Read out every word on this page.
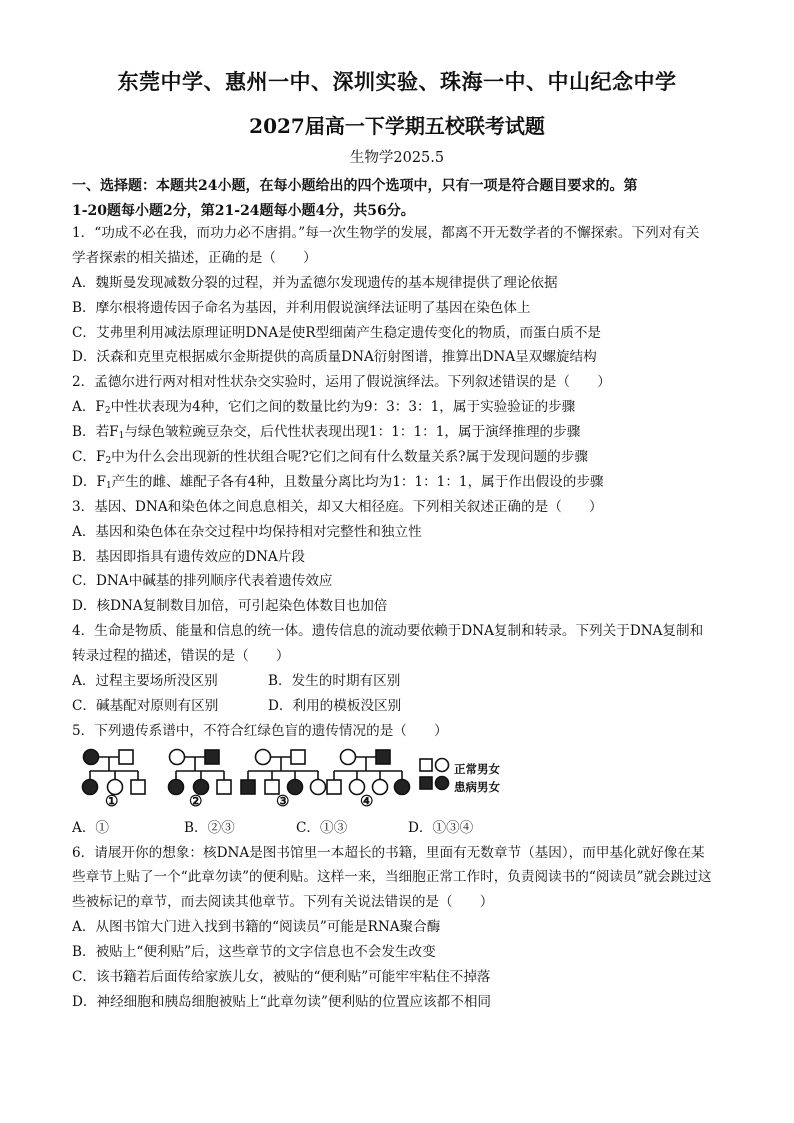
东莞中学、惠州一中、深圳实验、珠海一中、中山纪念中学
2027届高一下学期五校联考试题
生物学2025.5
一、选择题：本题共24小题，在每小题给出的四个选项中，只有一项是符合题目要求的。第
1-20题每小题2分，第21-24题每小题4分，共56分。
1．“功成不必在我，而功力必不唐捐。”每一次生物学的发展，都离不开无数学者的不懈探索。下列对有关
学者探索的相关描述，正确的是（　　）
A．魏斯曼发现减数分裂的过程，并为孟德尔发现遗传的基本规律提供了理论依据
B．摩尔根将遗传因子命名为基因，并利用假说演绎法证明了基因在染色体上
C．艾弗里利用减法原理证明DNA是使R型细菌产生稳定遗传变化的物质，而蛋白质不是
D．沃森和克里克根据威尔金斯提供的高质量DNA衍射图谱，推算出DNA呈双螺旋结构
2．孟德尔进行两对相对性状杂交实验时，运用了假说演绎法。下列叙述错误的是（　　）
A．$F_2$中性状表现为4种，它们之间的数量比约为9：3：3：1，属于实验验证的步骤
B．若$F_1$与绿色皱粒豌豆杂交，后代性状表现出现1：1：1：1，属于演绎推理的步骤
C．$F_2$中为什么会出现新的性状组合呢?它们之间有什么数量关系?属于发现问题的步骤
D．$F_1$产生的雌、雄配子各有4种，且数量分离比均为1：1：1：1，属于作出假设的步骤
3．基因、DNA和染色体之间息息相关，却又大相径庭。下列相关叙述正确的是（　　）
A．基因和染色体在杂交过程中均保持相对完整性和独立性
B．基因即指具有遗传效应的DNA片段
C．DNA中碱基的排列顺序代表着遗传效应
D．核DNA复制数目加倍，可引起染色体数目也加倍
4．生命是物质、能量和信息的统一体。遗传信息的流动要依赖于DNA复制和转录。下列关于DNA复制和
转录过程的描述，错误的是（　　）
A．过程主要场所没区别	B．发生的时期有区别
C．碱基配对原则有区别	D．利用的模板没区别
5．下列遗传系谱中，不符合红绿色盲的遗传情况的是（　　）
①	②	③	④
正常男女
患病男女
A．①	B．②③	C．①③	D．①③④
6．请展开你的想象：核DNA是图书馆里一本超长的书籍，里面有无数章节（基因），而甲基化就好像在某
些章节上贴了一个“此章勿读”的便利贴。这样一来，当细胞正常工作时，负责阅读书的“阅读员”就会跳过这
些被标记的章节，而去阅读其他章节。下列有关说法错误的是（　　）
A．从图书馆大门进入找到书籍的“阅读员”可能是RNA聚合酶
B．被贴上“便利贴”后，这些章节的文字信息也不会发生改变
C．该书籍若后面传给家族儿女，被贴的“便利贴”可能牢牢粘住不掉落
D．神经细胞和胰岛细胞被贴上“此章勿读”便利贴的位置应该都不相同
